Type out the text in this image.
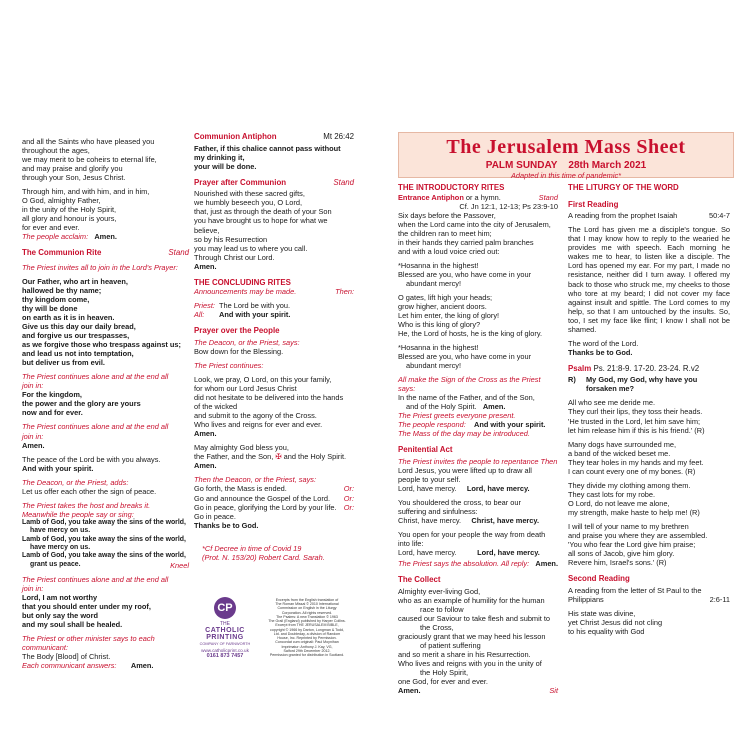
The Jerusalem Mass Sheet
PALM SUNDAY    28th March 2021
Adapted in this time of pandemic*
and all the Saints who have pleased you
throughout the ages,
we may merit to be coheirs to eternal life,
and may praise and glorify you
through your Son, Jesus Christ.
Through him, and with him, and in him,
O God, almighty Father,
in the unity of the Holy Spirit,
all glory and honour is yours,
for ever and ever.
The people acclaim: Amen.
The Communion Rite	Stand
The Priest invites all to join in the Lord's Prayer:
Our Father, who art in heaven,
hallowed be thy name;
thy kingdom come,
thy will be done
on earth as it is in heaven.
Give us this day our daily bread,
and forgive us our trespasses,
as we forgive those who trespass against us;
and lead us not into temptation,
but deliver us from evil.
The Priest continues alone and at the end all
join in:
For the kingdom,
the power and the glory are yours
now and for ever.
The Priest continues alone and at the end all
join in:
Amen.
The peace of the Lord be with you always.
And with your spirit.
The Deacon, or the Priest, adds:
Let us offer each other the sign of peace.
The Priest takes the host and breaks it.
Meanwhile the people say or sing:
Lamb of God, you take away the sins of the world,
have mercy on us.
Lamb of God, you take away the sins of the world,
have mercy on us.
Lamb of God, you take away the sins of the world,
grant us peace.	Kneel
The Priest continues alone and at the end all
join in:
Lord, I am not worthy
that you should enter under my roof,
but only say the word
and my soul shall be healed.
The Priest or other minister says to each
communicant:
The Body [Blood] of Christ.
Each communicant answers: Amen.
Communion Antiphon	Mt 26:42
Father, if this chalice cannot pass without
my drinking it,
your will be done.
Prayer after Communion	Stand
Nourished with these sacred gifts,
we humbly beseech you, O Lord,
that, just as through the death of your Son
you have brought us to hope for what we believe,
so by his Resurrection
you may lead us to where you call.
Through Christ our Lord.
Amen.
THE CONCLUDING RITES
Announcements may be made.	Then:
Priest: The Lord be with you.
All: And with your spirit.
Prayer over the People
The Deacon, or the Priest, says:
Bow down for the Blessing.
The Priest continues:
Look, we pray, O Lord, on this your family,
for whom our Lord Jesus Christ
did not hesitate to be delivered into the hands
of the wicked
and submit to the agony of the Cross.
Who lives and reigns for ever and ever.
Amen.
May almighty God bless you,
the Father, and the Son, ✠ and the Holy Spirit.
Amen.
Then the Deacon, or the Priest, says:
Go forth, the Mass is ended.	Or:
Go and announce the Gospel of the Lord. Or:
Go in peace, glorifying the Lord by your life. Or:
Go in peace.
Thanks be to God.
*Cf Decree in time of Covid 19
(Prot. N. 153/20) Robert Card. Sarah.
CP
THE
CATHOLIC
PRINTING
COMPANY OF FARNWORTH
www.catholicprint.co.uk
0161 873 7457
Excerpts from the English translation of
The Roman Missal © 2010 International
Commission on English in the Liturgy
Corporation. All rights reserved.
The Psalms: A new Translation © 1963
The Grail (England) published by Harper Collins.
Excerpt from THE JERUSALEM BIBLE,
copyright © 1966 by Darton, Longman & Todd,
Ltd. and Doubleday, a division of Random
House, Inc. Reprinted by Permission.
Concordat cum originali: Paul Moynihan
Imprimatur: Anthony J. Kay, VG,
Salford 29th December 2012.
Permission granted for distribution in Scotland.
THE INTRODUCTORY RITES
Entrance Antiphon or a hymn.	Stand
Cf. Jn 12:1, 12-13; Ps 23:9-10
Six days before the Passover,
when the Lord came into the city of Jerusalem,
the children ran to meet him;
in their hands they carried palm branches
and with a loud voice cried out:
*Hosanna in the highest!
Blessed are you, who have come in your
abundant mercy!
O gates, lift high your heads;
grow higher, ancient doors.
Let him enter, the king of glory!
Who is this king of glory?
He, the Lord of hosts, he is the king of glory.
*Hosanna in the highest!
Blessed are you, who have come in your
abundant mercy!
All make the Sign of the Cross as the Priest says:
In the name of the Father, and of the Son,
and of the Holy Spirit. Amen.
The Priest greets everyone present.
The people respond: And with your spirit.
The Mass of the day may be introduced.
Penitential Act
The Priest invites the people to repentance Then
Lord Jesus, you were lifted up to draw all
people to your self.
Lord, have mercy. Lord, have mercy.
You shouldered the cross, to bear our
suffering and sinfulness:
Christ, have mercy. Christ, have mercy.
You open for your people the way from death
into life:
Lord, have mercy.	Lord, have mercy.
The Priest says the absolution. All reply: Amen.
The Collect
Almighty ever-living God,
who as an example of humility for the human
race to follow
caused our Saviour to take flesh and submit to
the Cross,
graciously grant that we may heed his lesson
of patient suffering
and so merit a share in his Resurrection.
Who lives and reigns with you in the unity of
the Holy Spirit,
one God, for ever and ever.
Amen.	Sit
THE LITURGY OF THE WORD
First Reading
A reading from the prophet Isaiah	50:4-7
The Lord has given me a disciple's tongue. So that I may know how to reply to the wearied he provides me with speech. Each morning he wakes me to hear, to listen like a disciple. The Lord has opened my ear. For my part, I made no resistance, neither did I turn away. I offered my back to those who struck me, my cheeks to those who tore at my beard; I did not cover my face against insult and spittle. The Lord comes to my help, so that I am untouched by the insults. So, too, I set my face like flint; I know I shall not be shamed.
The word of the Lord.
Thanks be to God.
Psalm Ps. 21:8-9. 17-20. 23-24. R.v2
R)	My God, my God, why have you
forsaken me?
All who see me deride me.
They curl their lips, they toss their heads.
'He trusted in the Lord, let him save him;
let him release him if this is his friend.' (R)
Many dogs have surrounded me,
a band of the wicked beset me.
They tear holes in my hands and my feet.
I can count every one of my bones. (R)
They divide my clothing among them.
They cast lots for my robe.
O Lord, do not leave me alone,
my strength, make haste to help me! (R)
I will tell of your name to my brethren
and praise you where they are assembled.
'You who fear the Lord give him praise;
all sons of Jacob, give him glory.
Revere him, Israel's sons.' (R)
Second Reading
A reading from the letter of St Paul to the
Philippians	2:6-11
His state was divine,
yet Christ Jesus did not cling
to his equality with God
